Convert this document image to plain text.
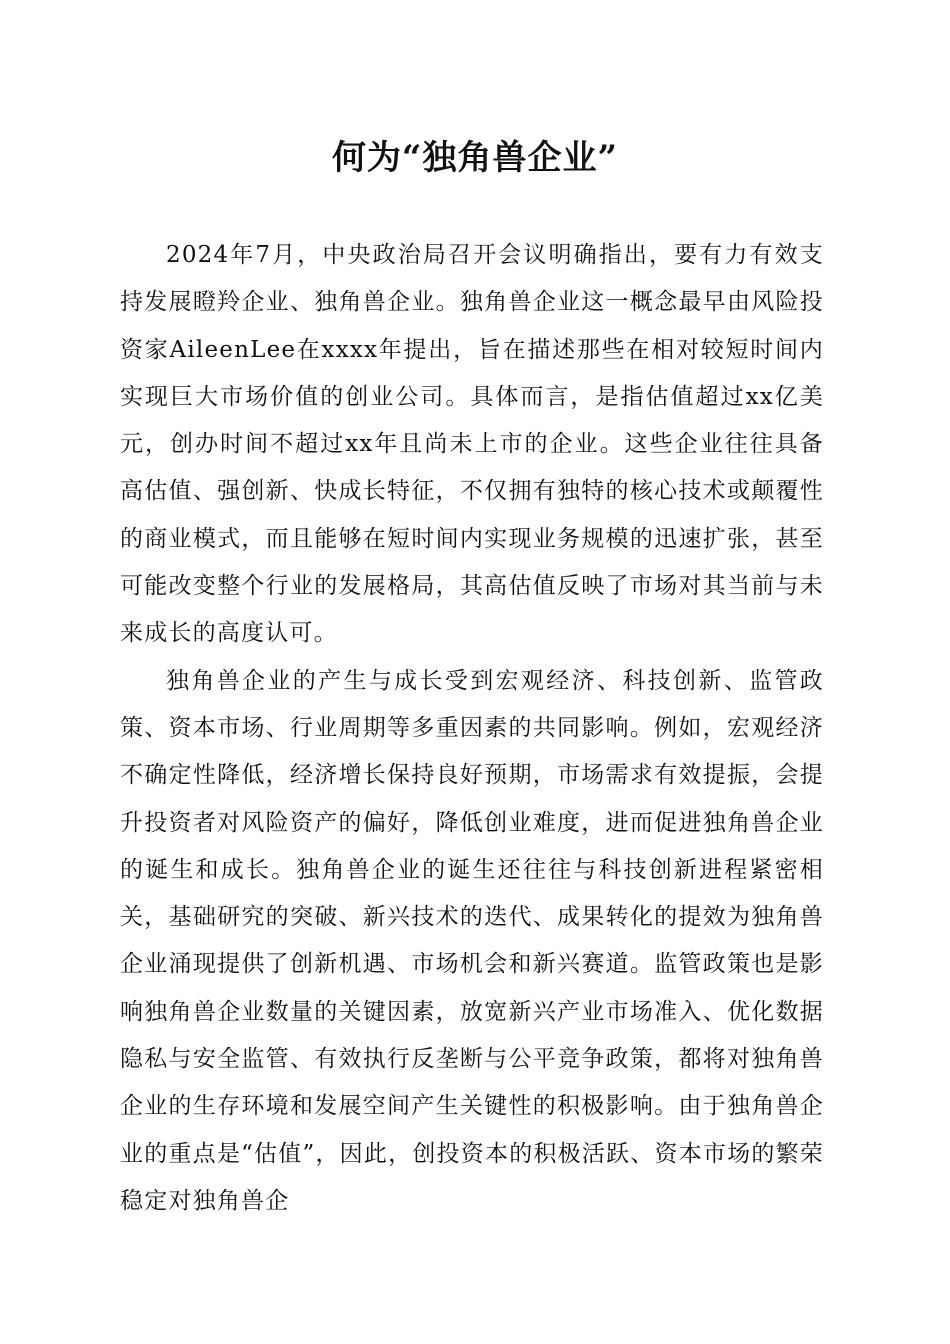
何为“独角兽企业”

2024年7月，中央政治局召开会议明确指出，要有力有效支持发展瞪羚企业、独角兽企业。独角兽企业这一概念最早由风险投资家AileenLee在xxxx年提出，旨在描述那些在相对较短时间内实现巨大市场价值的创业公司。具体而言，是指估值超过xx亿美元，创办时间不超过xx年且尚未上市的企业。这些企业往往具备高估值、强创新、快成长特征，不仅拥有独特的核心技术或颠覆性的商业模式，而且能够在短时间内实现业务规模的迅速扩张，甚至可能改变整个行业的发展格局，其高估值反映了市场对其当前与未来成长的高度认可。

独角兽企业的产生与成长受到宏观经济、科技创新、监管政策、资本市场、行业周期等多重因素的共同影响。例如，宏观经济不确定性降低，经济增长保持良好预期，市场需求有效提振，会提升投资者对风险资产的偏好，降低创业难度，进而促进独角兽企业的诞生和成长。独角兽企业的诞生还往往与科技创新进程紧密相关，基础研究的突破、新兴技术的迭代、成果转化的提效为独角兽企业涌现提供了创新机遇、市场机会和新兴赛道。监管政策也是影响独角兽企业数量的关键因素，放宽新兴产业市场准入、优化数据隐私与安全监管、有效执行反垄断与公平竞争政策，都将对独角兽企业的生存环境和发展空间产生关键性的积极影响。由于独角兽企业的重点是“估值”，因此，创投资本的积极活跃、资本市场的繁荣稳定对独角兽企
